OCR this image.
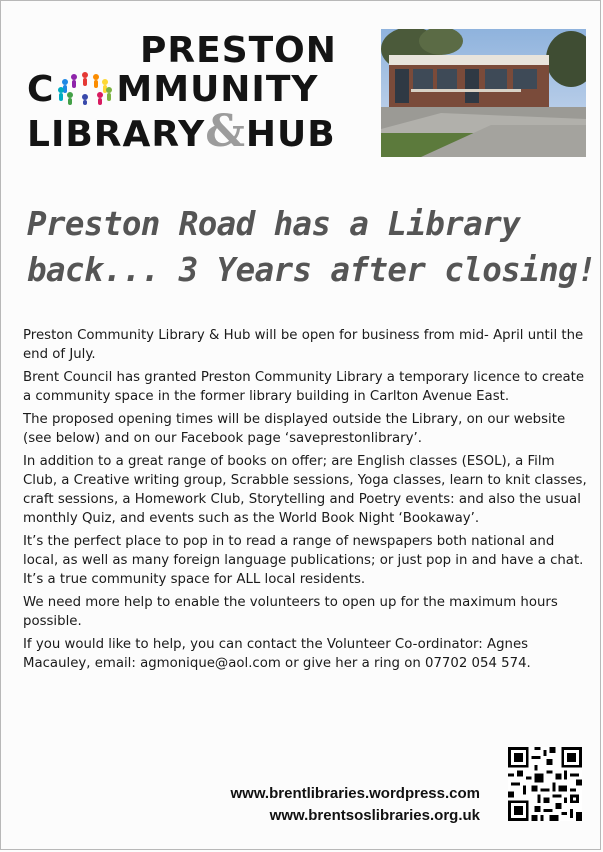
PRESTON
C MMUNITY
LIBRARY&HUB
Preston Road has a Library
back... 3 Years after closing!

Preston Community Library & Hub will be open for business from mid- April until the end of July.

Brent Council has granted Preston Community Library a temporary licence to create a community space in the former library building in Carlton Avenue East.

The proposed opening times will be displayed outside the Library, on our website (see below) and on our Facebook page ‘saveprestonlibrary’.

In addition to a great range of books on offer; are English classes (ESOL), a Film Club, a Creative writing group, Scrabble sessions, Yoga classes, learn to knit classes, craft sessions, a Homework Club, Storytelling and Poetry events: and also the usual monthly Quiz, and events such as the World Book Night ‘Bookaway’.

It’s the perfect place to pop in to read a range of newspapers both national and local, as well as many foreign language publications; or just pop in and have a chat. It’s a true community space for ALL local residents.

We need more help to enable the volunteers to open up for the maximum hours possible.

If you would like to help, you can contact the Volunteer Co-ordinator: Agnes Macauley, email: agmonique@aol.com or give her a ring on 07702 054 574.

www.brentlibraries.wordpress.com
www.brentsoslibraries.org.uk
